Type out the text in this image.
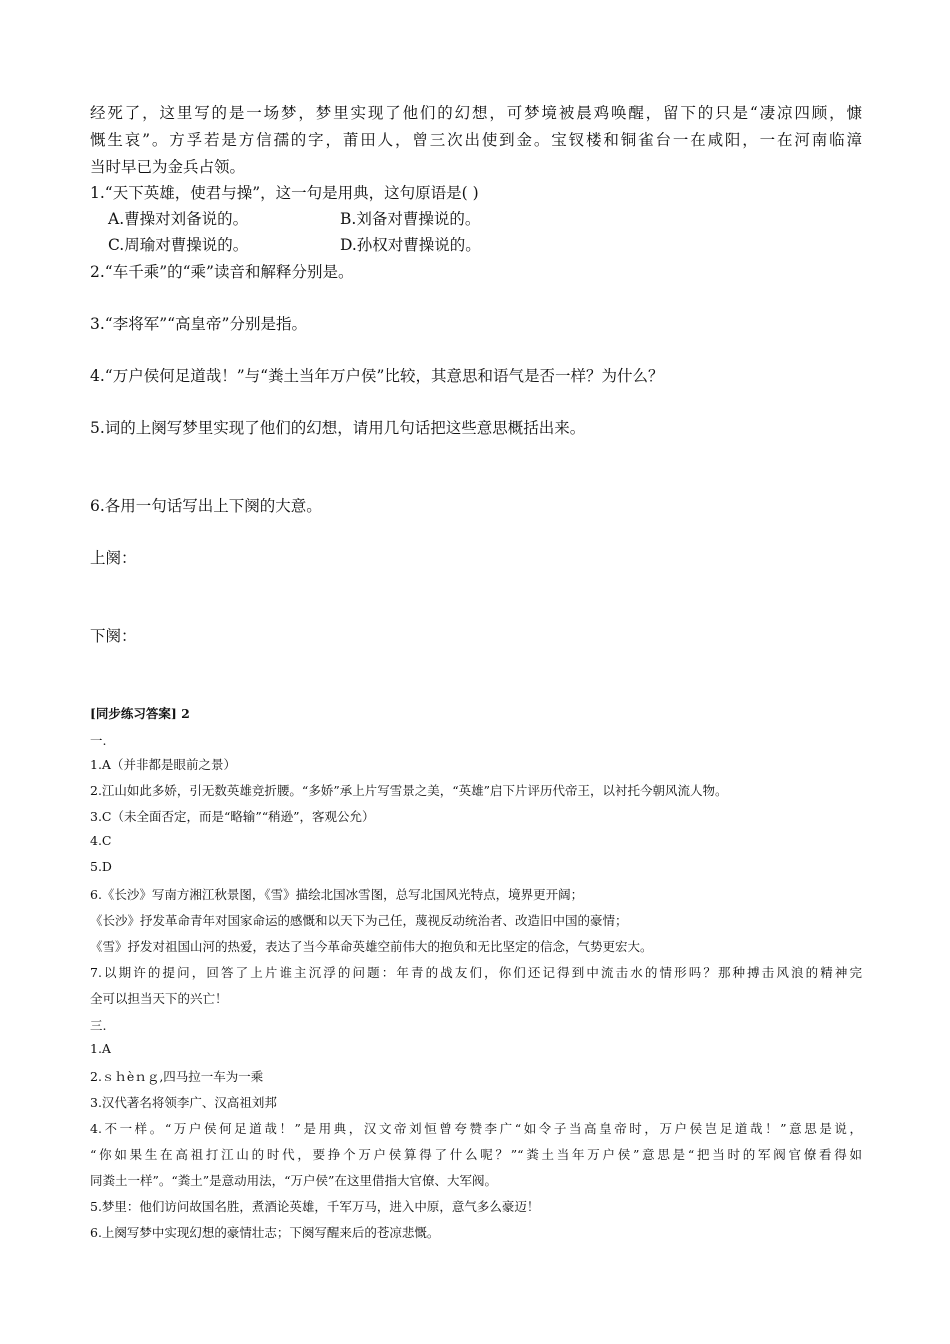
经死了，这里写的是一场梦，梦里实现了他们的幻想，可梦境被晨鸡唤醒，留下的只是“凄凉四顾，慷
慨生哀”。方孚若是方信孺的字，莆田人，曾三次出使到金。宝钗楼和铜雀台一在咸阳，一在河南临漳
当时早已为金兵占领。
1.“天下英雄，使君与操”，这一句是用典，这句原语是( )
A.曹操对刘备说的。	B.刘备对曹操说的。
C.周瑜对曹操说的。	D.孙权对曹操说的。
2.“车千乘”的“乘”读音和解释分别是。
3.“李将军”“高皇帝”分别是指。
4.“万户侯何足道哉！”与“粪土当年万户侯”比较，其意思和语气是否一样？为什么？
5.词的上阕写梦里实现了他们的幻想，请用几句话把这些意思概括出来。
6.各用一句话写出上下阕的大意。
上阕：
下阕：
[同步练习答案] 2
一.
1.A（并非都是眼前之景）
2.江山如此多娇，引无数英雄竞折腰。“多娇”承上片写雪景之美，“英雄”启下片评历代帝王，以衬托今朝风流人物。
3.C（未全面否定，而是“略输”“稍逊”，客观公允）
4.C
5.D
6.《长沙》写南方湘江秋景图，《雪》描绘北国冰雪图，总写北国风光特点，境界更开阔；
《长沙》抒发革命青年对国家命运的感慨和以天下为己任，蔑视反动统治者、改造旧中国的豪情；
《雪》抒发对祖国山河的热爱，表达了当今革命英雄空前伟大的抱负和无比坚定的信念，气势更宏大。
7.以期许的提问，回答了上片谁主沉浮的问题：年青的战友们，你们还记得到中流击水的情形吗？那种搏击风浪的精神完
全可以担当天下的兴亡！
三.
1.A
2.ｓｈèｎｇ,四马拉一车为一乘
3.汉代著名将领李广、汉高祖刘邦
4.不一样。“万户侯何足道哉！”是用典，汉文帝刘恒曾夸赞李广“如令子当高皇帝时，万户侯岂足道哉！”意思是说，
“你如果生在高祖打江山的时代，要挣个万户侯算得了什么呢？”“粪土当年万户侯”意思是“把当时的军阀官僚看得如
同粪土一样”。“粪土”是意动用法，“万户侯”在这里借指大官僚、大军阀。
5.梦里：他们访问故国名胜，煮酒论英雄，千军万马，进入中原，意气多么豪迈！
6.上阕写梦中实现幻想的豪情壮志；下阕写醒来后的苍凉悲慨。
